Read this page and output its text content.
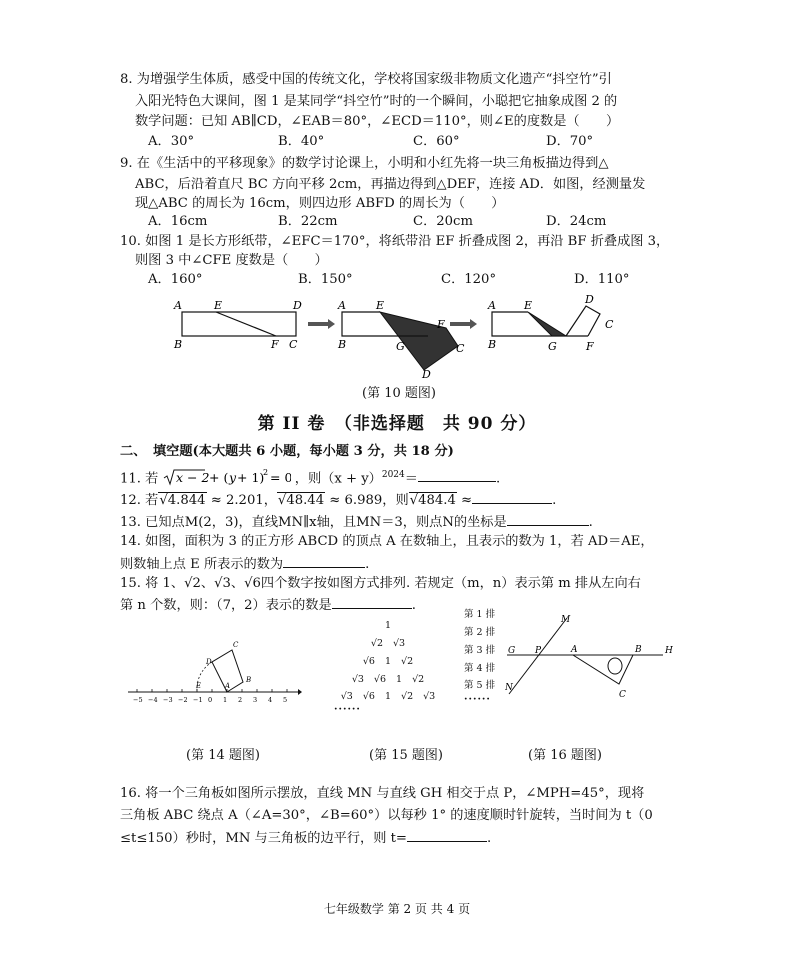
8. 为增强学生体质，感受中国的传统文化，学校将国家级非物质文化遗产“抖空竹”引
入阳光特色大课间，图 1 是某同学“抖空竹”时的一个瞬间，小聪把它抽象成图 2 的
数学问题：已知 AB∥CD，∠EAB＝80°，∠ECD＝110°，则∠E的度数是（　　）
A．30°	B．40°	C．60°	D．70°
9. 在《生活中的平移现象》的数学讨论课上，小明和小红先将一块三角板描边得到△
ABC，后沿着直尺 BC 方向平移 2cm，再描边得到△DEF，连接 AD．如图，经测量发
现△ABC 的周长为 16cm，则四边形 ABFD 的周长为（　　）
A．16cm	B．22cm	C．20cm	D．24cm
10. 如图 1 是长方形纸带，∠EFC＝170°，将纸带沿 EF 折叠成图 2，再沿 BF 折叠成图 3，
则图 3 中∠CFE 度数是（　　）
A．160°	B．150°	C．120°	D．110°
A	E	D
B	F C
A	E
F
B	G	C
D
A	E	D
C
B	G	F
(第 10 题图)
第 II 卷　（非选择题　共 90 分）
二、　填空题(本大题共 6 小题，每小题 3 分，共 18 分)
11. 若 x − 2 + ( y + 1)
2 = 0 ，则$(x + y)^{2024}=$	.
12. 若√4.844 ≈ 2.201，√48.44 ≈ 6.989，则√484.4 ≈	.
13. 已知点M(2，3)，直线MN∥x轴，且MN＝3，则点N的坐标是	.
14. 如图，面积为 3 的正方形 ABCD 的顶点 A 在数轴上，且表示的数为 1，若 AD＝AE，
则数轴上点 E 所表示的数为	.
15. 将 1、√2、√3、√6四个数字按如图方式排列. 若规定（m，n）表示第 m 排从左向右
第 n 个数，则：（7，2）表示的数是	.
−5 −4 −3 −2 −1 0 1 2 3 4 5
D
C
E	A
B
1
第 1 排
√2 √3
第 2 排
√6 1 √2
第 3 排
√3 √6 1 √2
第 4 排
√3 √6 1 √2 √3
第 5 排
······
······
M
G P	A	H
N
B
C
(第 14 题图)	(第 15 题图)	(第 16 题图)
16. 将一个三角板如图所示摆放，直线 MN 与直线 GH 相交于点 P，∠MPH=45°，现将
三角板 ABC 绕点 A（∠A=30°，∠B=60°）以每秒 1° 的速度顺时针旋转，当时间为 t（0
≤t≤150）秒时，MN 与三角板的边平行，则 t=	.
七年级数学 第 2 页 共 4 页
